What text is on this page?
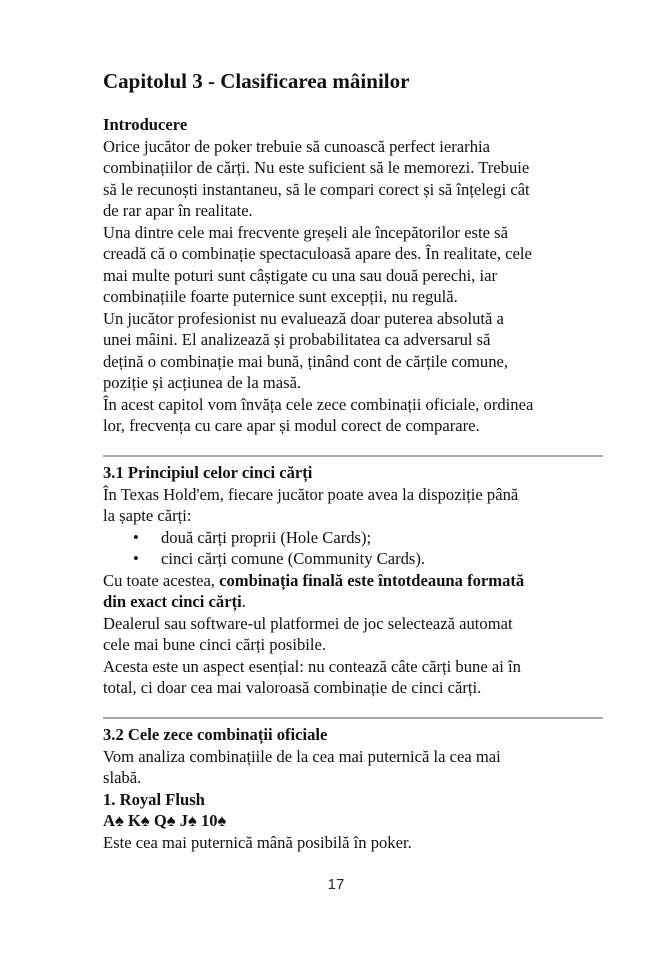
Capitolul 3 - Clasificarea mâinilor
Introducere
Orice jucător de poker trebuie să cunoască perfect ierarhia
combinațiilor de cărți. Nu este suficient să le memorezi. Trebuie
să le recunoști instantaneu, să le compari corect și să înțelegi cât
de rar apar în realitate.
Una dintre cele mai frecvente greșeli ale începătorilor este să
creadă că o combinație spectaculoasă apare des. În realitate, cele
mai multe poturi sunt câștigate cu una sau două perechi, iar
combinațiile foarte puternice sunt excepții, nu regulă.
Un jucător profesionist nu evaluează doar puterea absolută a
unei mâini. El analizează și probabilitatea ca adversarul să
dețină o combinație mai bună, ținând cont de cărțile comune,
poziție și acțiunea de la masă.
În acest capitol vom învăța cele zece combinații oficiale, ordinea
lor, frecvența cu care apar și modul corect de comparare.
3.1 Principiul celor cinci cărți
În Texas Hold'em, fiecare jucător poate avea la dispoziție până
la șapte cărți:
•	două cărți proprii (Hole Cards);
•	cinci cărți comune (Community Cards).
Cu toate acestea, combinația finală este întotdeauna formată
din exact cinci cărți.
Dealerul sau software-ul platformei de joc selectează automat
cele mai bune cinci cărți posibile.
Acesta este un aspect esențial: nu contează câte cărți bune ai în
total, ci doar cea mai valoroasă combinație de cinci cărți.
3.2 Cele zece combinații oficiale
Vom analiza combinațiile de la cea mai puternică la cea mai
slabă.
1. Royal Flush
A♠ K♠ Q♠ J♠ 10♠
Este cea mai puternică mână posibilă în poker.
17
